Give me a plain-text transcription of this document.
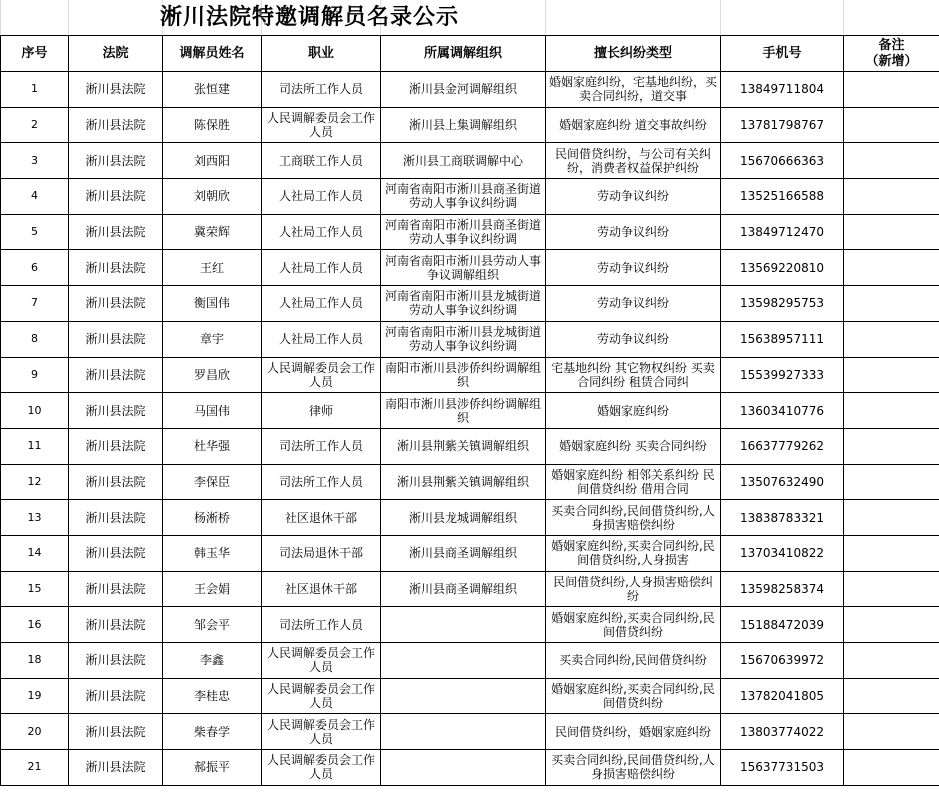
淅川法院特邀调解员名录公示
序号	法院	调解员姓名	职业	所属调解组织	擅长纠纷类型	手机号	备注
（新增）

1	淅川县法院	张恒建	司法所工作人员	淅川县金河调解组织	婚姻家庭纠纷，宅基地纠纷，买卖合同纠纷，道交事	13849711804	

2	淅川县法院	陈保胜	人民调解委员会工作人员	淅川县上集调解组织	婚姻家庭纠纷 道交事故纠纷	13781798767	

3	淅川县法院	刘西阳	工商联工作人员	淅川县工商联调解中心	民间借贷纠纷，与公司有关纠纷，消费者权益保护纠纷	15670666363	

4	淅川县法院	刘朝欣	人社局工作人员	河南省南阳市淅川县商圣街道劳动人事争议纠纷调	劳动争议纠纷	13525166588	

5	淅川县法院	冀荣辉	人社局工作人员	河南省南阳市淅川县商圣街道劳动人事争议纠纷调	劳动争议纠纷	13849712470	

6	淅川县法院	王红	人社局工作人员	河南省南阳市淅川县劳动人事争议调解组织	劳动争议纠纷	13569220810	

7	淅川县法院	衡国伟	人社局工作人员	河南省南阳市淅川县龙城街道劳动人事争议纠纷调	劳动争议纠纷	13598295753	

8	淅川县法院	章宇	人社局工作人员	河南省南阳市淅川县龙城街道劳动人事争议纠纷调	劳动争议纠纷	15638957111	

9	淅川县法院	罗昌欣	人民调解委员会工作人员	南阳市淅川县涉侨纠纷调解组织	宅基地纠纷 其它物权纠纷 买卖合同纠纷 租赁合同纠	15539927333	

10	淅川县法院	马国伟	律师	南阳市淅川县涉侨纠纷调解组织	婚姻家庭纠纷	13603410776	

11	淅川县法院	杜华强	司法所工作人员	淅川县荆紫关镇调解组织	婚姻家庭纠纷 买卖合同纠纷	16637779262	

12	淅川县法院	李保臣	司法所工作人员	淅川县荆紫关镇调解组织	婚姻家庭纠纷 相邻关系纠纷 民间借贷纠纷 借用合同	13507632490	

13	淅川县法院	杨淅桥	社区退休干部	淅川县龙城调解组织	买卖合同纠纷,民间借贷纠纷,人身损害赔偿纠纷	13838783321	

14	淅川县法院	韩玉华	司法局退休干部	淅川县商圣调解组织	婚姻家庭纠纷,买卖合同纠纷,民间借贷纠纷,人身损害	13703410822	

15	淅川县法院	王会娟	社区退休干部	淅川县商圣调解组织	民间借贷纠纷,人身损害赔偿纠纷	13598258374	

16	淅川县法院	邹会平	司法所工作人员		婚姻家庭纠纷,买卖合同纠纷,民间借贷纠纷	15188472039	

18	淅川县法院	李鑫	人民调解委员会工作人员		买卖合同纠纷,民间借贷纠纷	15670639972	

19	淅川县法院	李桂忠	人民调解委员会工作人员		婚姻家庭纠纷,买卖合同纠纷,民间借贷纠纷	13782041805	

20	淅川县法院	柴春学	人民调解委员会工作人员		民间借贷纠纷，婚姻家庭纠纷	13803774022	

21	淅川县法院	郝振平	人民调解委员会工作人员		买卖合同纠纷,民间借贷纠纷,人身损害赔偿纠纷	15637731503	
